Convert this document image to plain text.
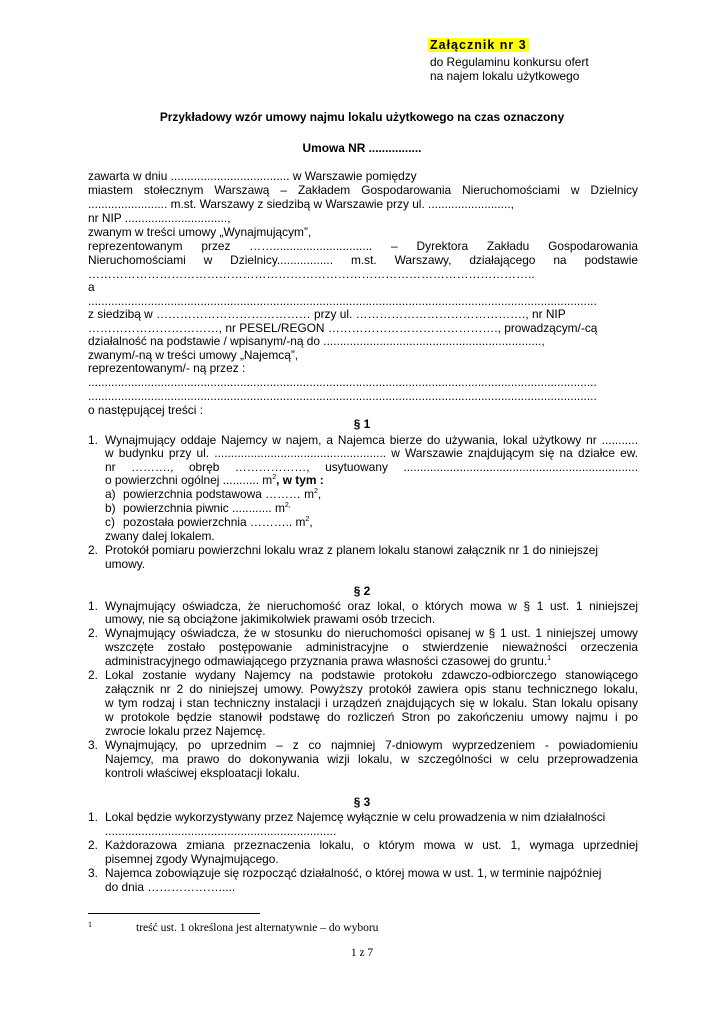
Załącznik nr 3
do Regulaminu konkursu ofert
na najem lokalu użytkowego
Przykładowy wzór umowy najmu lokalu użytkowego na czas oznaczony
Umowa NR ................
zawarta w dniu .................................... w Warszawie pomiędzy
miastem stołecznym Warszawą – Zakładem Gospodarowania Nieruchomościami w Dzielnicy
........................ m.st. Warszawy z siedzibą w Warszawie przy ul. .........................,
nr NIP ...............................,
zwanym w treści umowy „Wynajmującym”,
reprezentowanym przez …….............................. – Dyrektora Zakładu Gospodarowania
Nieruchomościami w Dzielnicy................. m.st. Warszawy, działającego na podstawie
…………………………………………………………………………………………………..
a
..........................................................................................................................................................
z siedzibą w ………………………………… przy ul. ……………………………………., nr NIP
……………………………, nr PESEL/REGON ……………………………………., prowadzącym/-cą
działalność na podstawie / wpisanym/-ną do ..................................................................,
zwanym/-ną w treści umowy „Najemcą”,
reprezentowanym/- ną przez :
..........................................................................................................................................................
..........................................................................................................................................................
o następującej treści :
§ 1
1. Wynajmujący oddaje Najemcy w najem, a Najemca bierze do używania, lokal użytkowy nr ...........
w budynku przy ul. .................................................... w Warszawie znajdującym się na działce ew.
nr ………., obręb ………………, usytuowany .......................................................................
o powierzchni ogólnej ........... $m^2$, w tym :
a) powierzchnia podstawowa ……… $m^2$,
b) powierzchnia piwnic ............ $m^{2,}$
c) pozostała powierzchnia ……….. $m^2$,
zwany dalej lokalem.
2. Protokół pomiaru powierzchni lokalu wraz z planem lokalu stanowi załącznik nr 1 do niniejszej
umowy.
§ 2
1. Wynajmujący oświadcza, że nieruchomość oraz lokal, o których mowa w § 1 ust. 1 niniejszej
umowy, nie są obciążone jakimikolwiek prawami osób trzecich.
2. Wynajmujący oświadcza, że w stosunku do nieruchomości opisanej w § 1 ust. 1 niniejszej umowy
wszczęte zostało postępowanie administracyjne o stwierdzenie nieważności orzeczenia
administracyjnego odmawiającego przyznania prawa własności czasowej do gruntu.$^1$
2. Lokal zostanie wydany Najemcy na podstawie protokołu zdawczo-odbiorczego stanowiącego
załącznik nr 2 do niniejszej umowy. Powyższy protokół zawiera opis stanu technicznego lokalu,
w tym rodzaj i stan techniczny instalacji i urządzeń znajdujących się w lokalu. Stan lokalu opisany
w protokole będzie stanowił podstawę do rozliczeń Stron po zakończeniu umowy najmu i po
zwrocie lokalu przez Najemcę.
3. Wynajmujący, po uprzednim – z co najmniej 7-dniowym wyprzedzeniem - powiadomieniu
Najemcy, ma prawo do dokonywania wizji lokalu, w szczególności w celu przeprowadzenia
kontroli właściwej eksploatacji lokalu.
§ 3
1. Lokal będzie wykorzystywany przez Najemcę wyłącznie w celu prowadzenia w nim działalności
......................................................................
2. Każdorazowa zmiana przeznaczenia lokalu, o którym mowa w ust. 1, wymaga uprzedniej
pisemnej zgody Wynajmującego.
3. Najemca zobowiązuje się rozpocząć działalność, o której mowa w ust. 1, w terminie najpóźniej
do dnia ……………….....
1	treść ust. 1 określona jest alternatywnie – do wyboru
1 z 7
